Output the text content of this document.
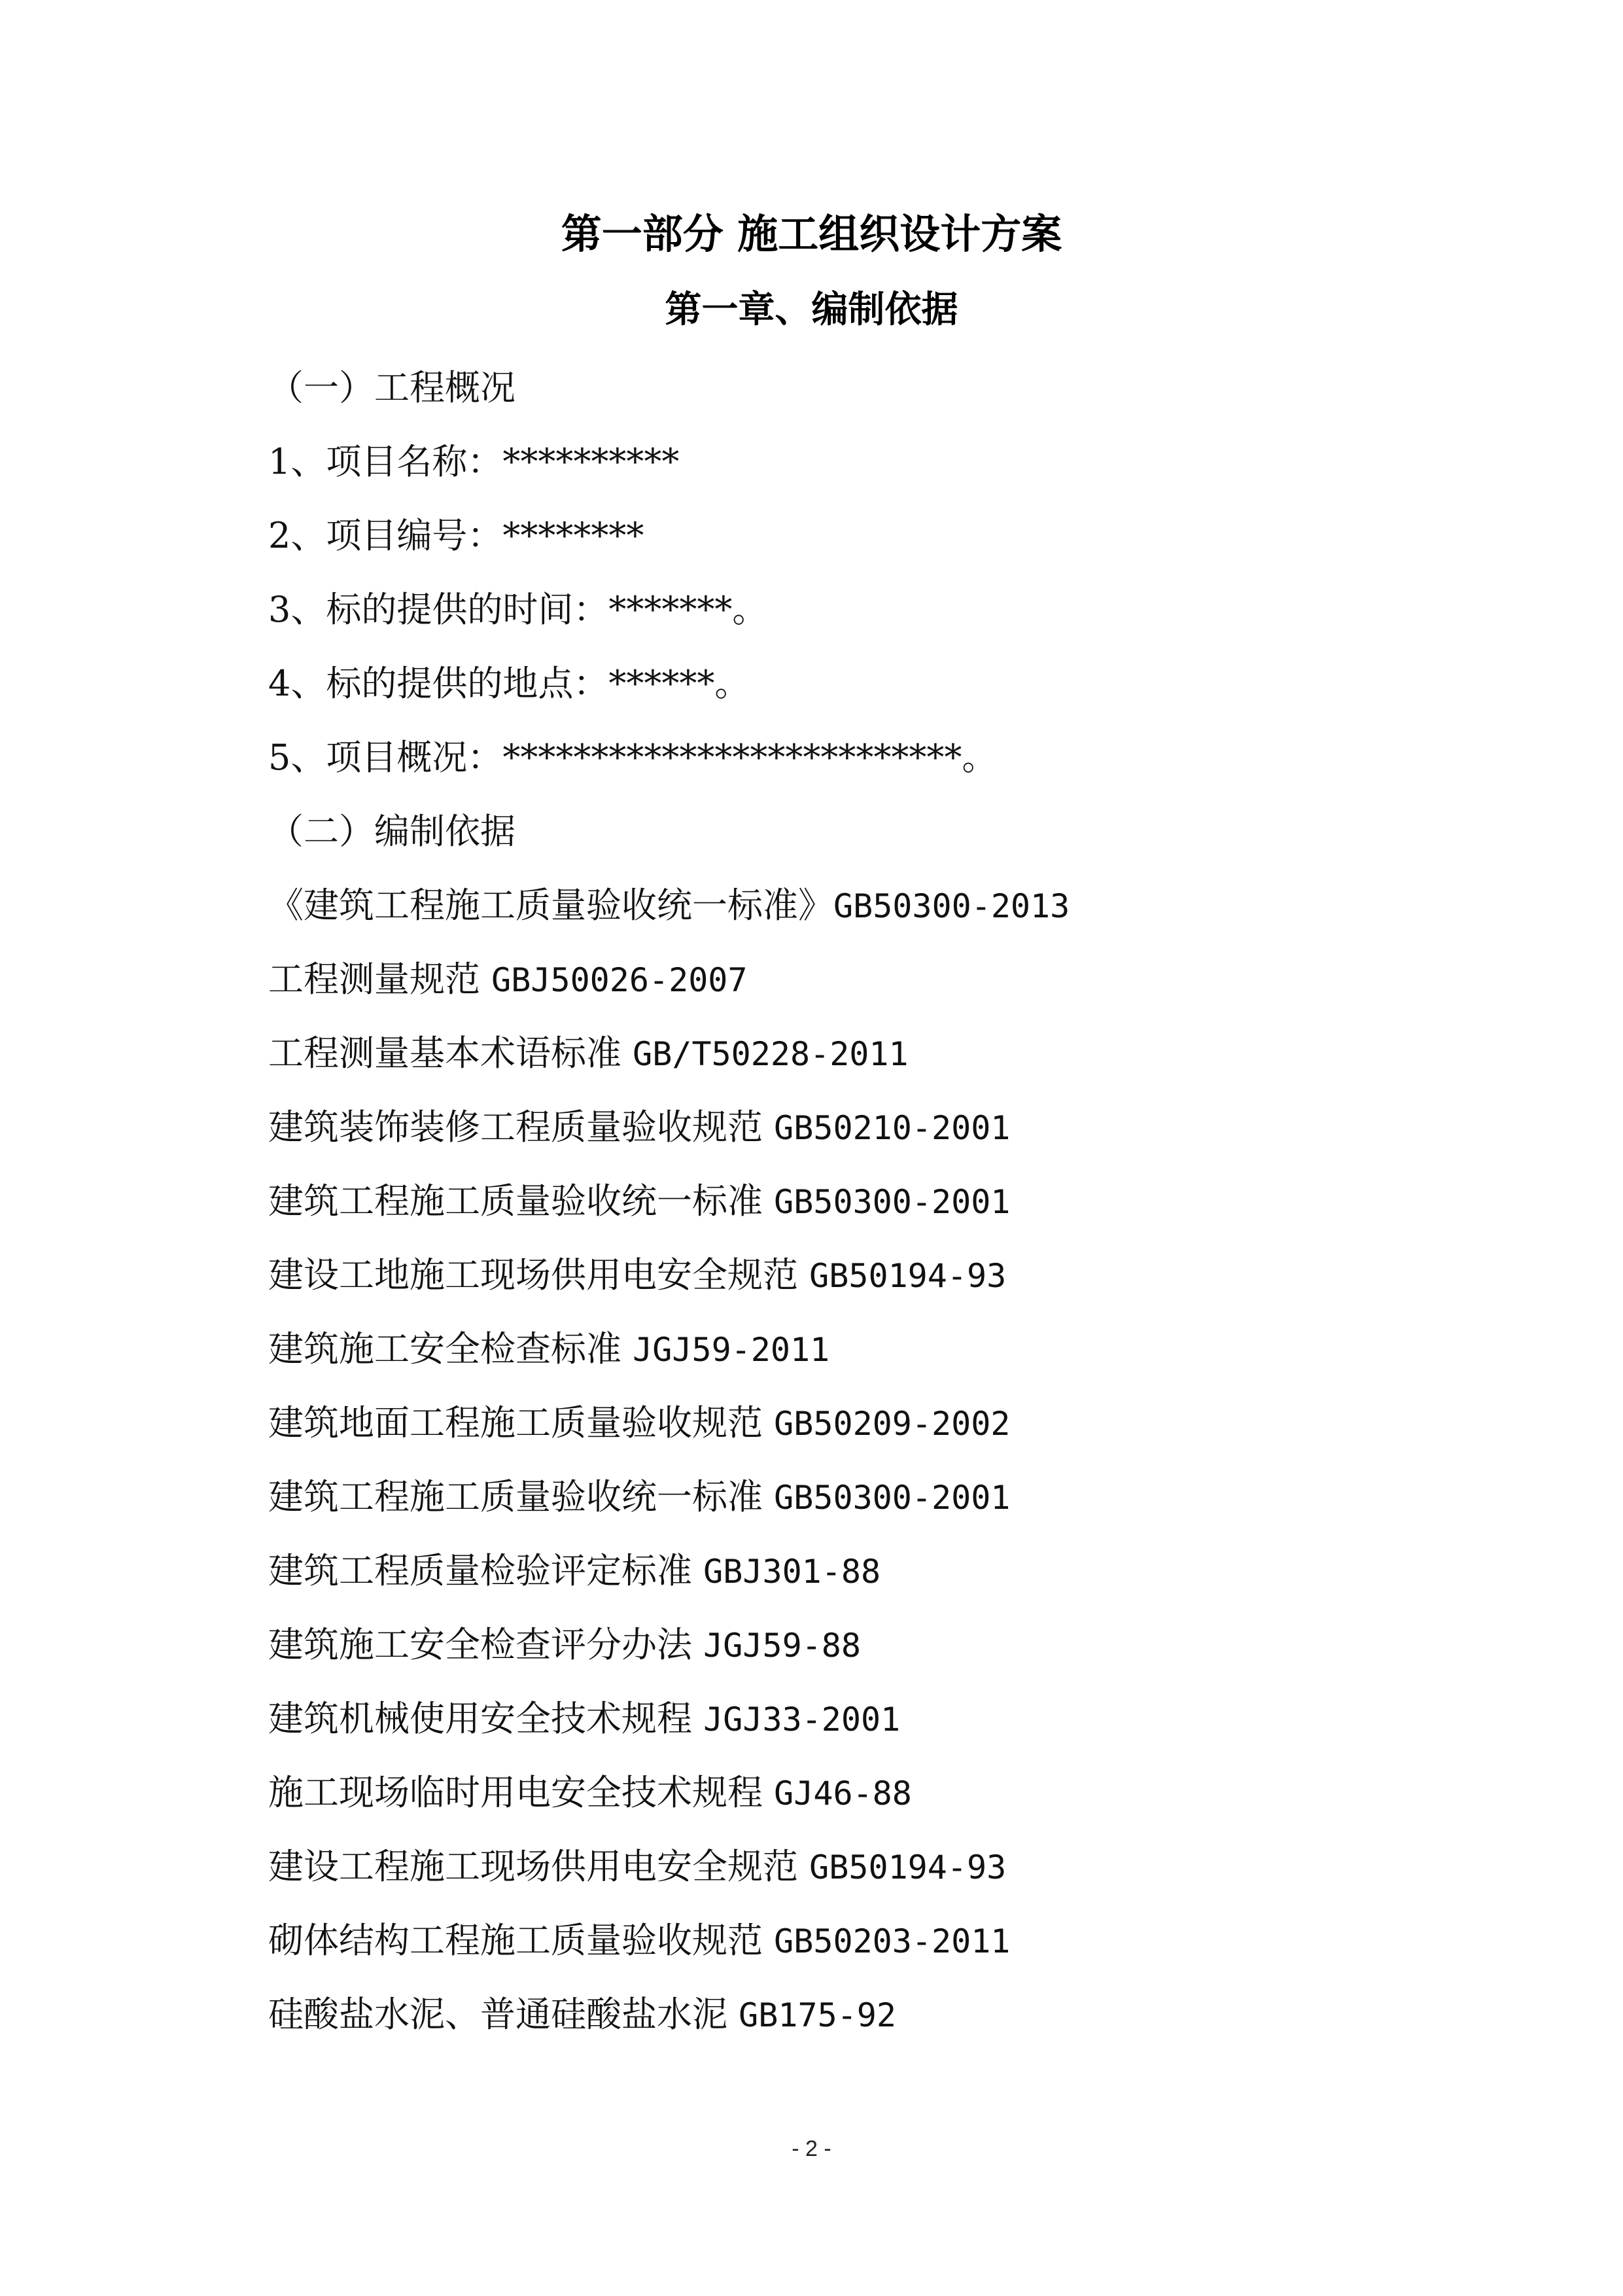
第一部分 施工组织设计方案
第一章、编制依据
（一）工程概况
1、项目名称：**********
2、项目编号：********
3、标的提供的时间：*******。
4、标的提供的地点：******。
5、项目概况：**************************。
（二）编制依据
《建筑工程施工质量验收统一标准》GB50300-2013
工程测量规范 GBJ50026-2007
工程测量基本术语标准 GB/T50228-2011
建筑装饰装修工程质量验收规范 GB50210-2001
建筑工程施工质量验收统一标准 GB50300-2001
建设工地施工现场供用电安全规范 GB50194-93
建筑施工安全检查标准 JGJ59-2011
建筑地面工程施工质量验收规范 GB50209-2002
建筑工程施工质量验收统一标准 GB50300-2001
建筑工程质量检验评定标准 GBJ301-88
建筑施工安全检查评分办法 JGJ59-88
建筑机械使用安全技术规程 JGJ33-2001
施工现场临时用电安全技术规程 GJ46-88
建设工程施工现场供用电安全规范 GB50194-93
砌体结构工程施工质量验收规范 GB50203-2011
硅酸盐水泥、普通硅酸盐水泥 GB175-92
- 2 -
